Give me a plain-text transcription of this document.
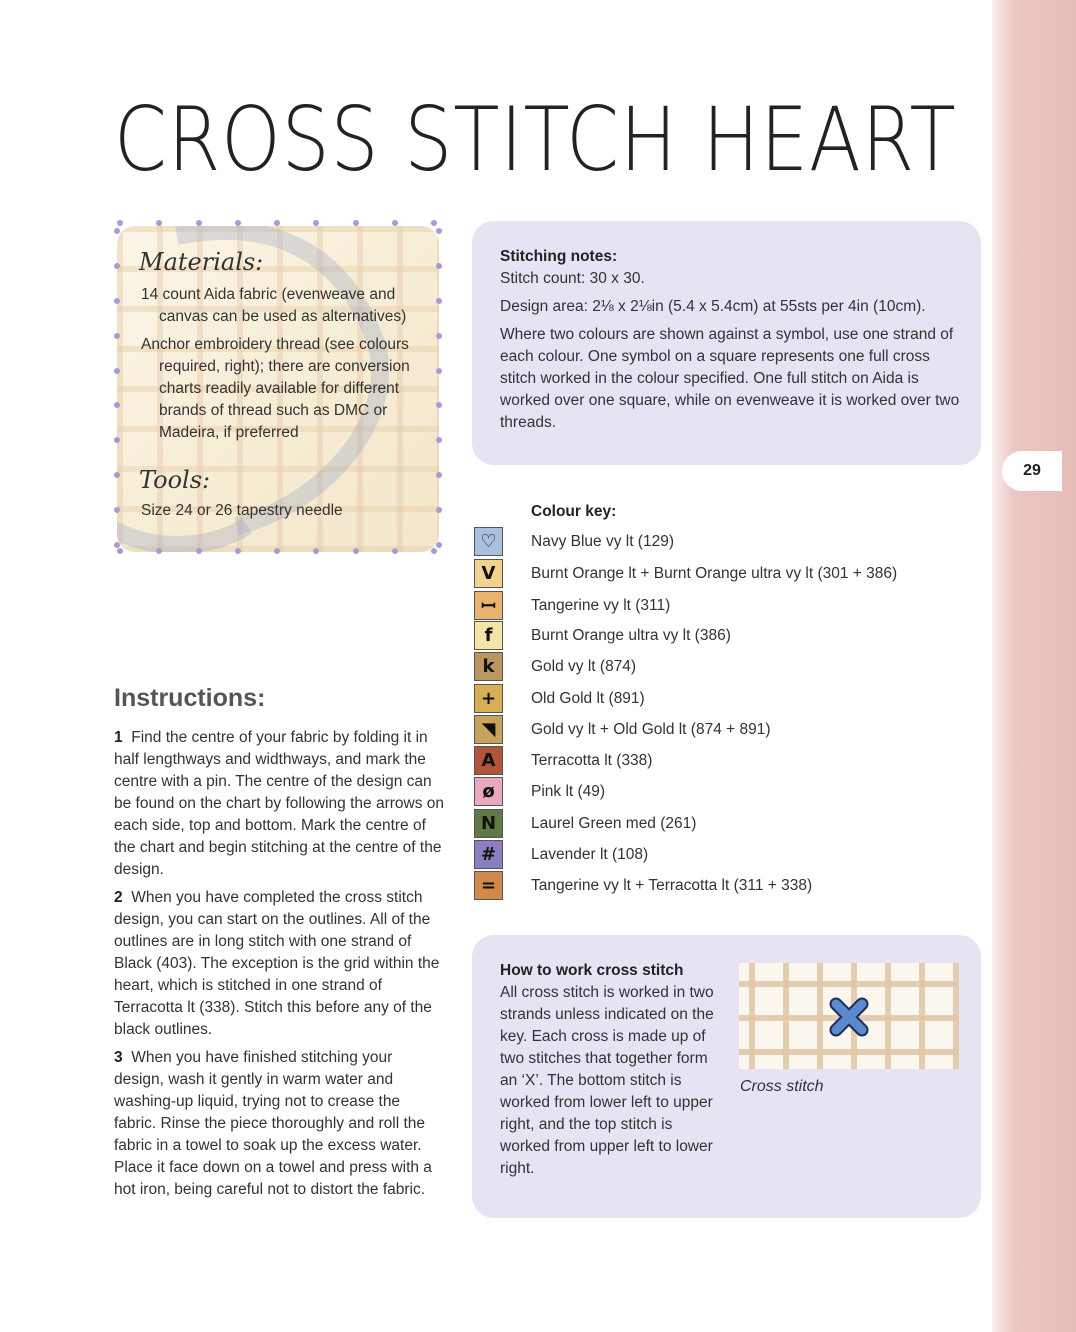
29
CROSS STITCH HEART
Materials:

14 count Aida fabric (evenweave and canvas can be used as alternatives)

Anchor embroidery thread (see colours required, right); there are conversion charts readily available for different brands of thread such as DMC or Madeira, if preferred

Tools:
Size 24 or 26 tapestry needle
Stitching notes:

Stitch count: 30 x 30.

Design area: 2⅛ x 2⅛in (5.4 x 5.4cm) at 55sts per 4in (10cm).

Where two colours are shown against a symbol, use one strand of each colour. One symbol on a square represents one full cross stitch worked in the colour specified. One full stitch on Aida is worked over one square, while on evenweave it is worked over two threads.

Colour key:
♡	Navy Blue vy lt (129)
V	Burnt Orange lt + Burnt Orange ultra vy lt (301 + 386)
ꟷ	Tangerine vy lt (311)
f	Burnt Orange ultra vy lt (386)
k	Gold vy lt (874)
+	Old Gold lt (891)
◥	Gold vy lt + Old Gold lt (874 + 891)
A	Terracotta lt (338)
ø	Pink lt (49)
N	Laurel Green med (261)
#	Lavender lt (108)
=	Tangerine vy lt + Terracotta lt (311 + 338)
Instructions:

1 Find the centre of your fabric by folding it in half lengthways and widthways, and mark the centre with a pin. The centre of the design can be found on the chart by following the arrows on each side, top and bottom. Mark the centre of the chart and begin stitching at the centre of the design.

2 When you have completed the cross stitch design, you can start on the outlines. All of the outlines are in long stitch with one strand of Black (403). The exception is the grid within the heart, which is stitched in one strand of Terracotta lt (338). Stitch this before any of the black outlines.

3 When you have finished stitching your design, wash it gently in warm water and washing-up liquid, trying not to crease the fabric. Rinse the piece thoroughly and roll the fabric in a towel to soak up the excess water. Place it face down on a towel and press with a hot iron, being careful not to distort the fabric.

How to work cross stitch

All cross stitch is worked in two strands unless indicated on the key. Each cross is made up of two stitches that together form an ‘X’. The bottom stitch is worked from lower left to upper right, and the top stitch is worked from upper left to lower right.

Cross stitch
